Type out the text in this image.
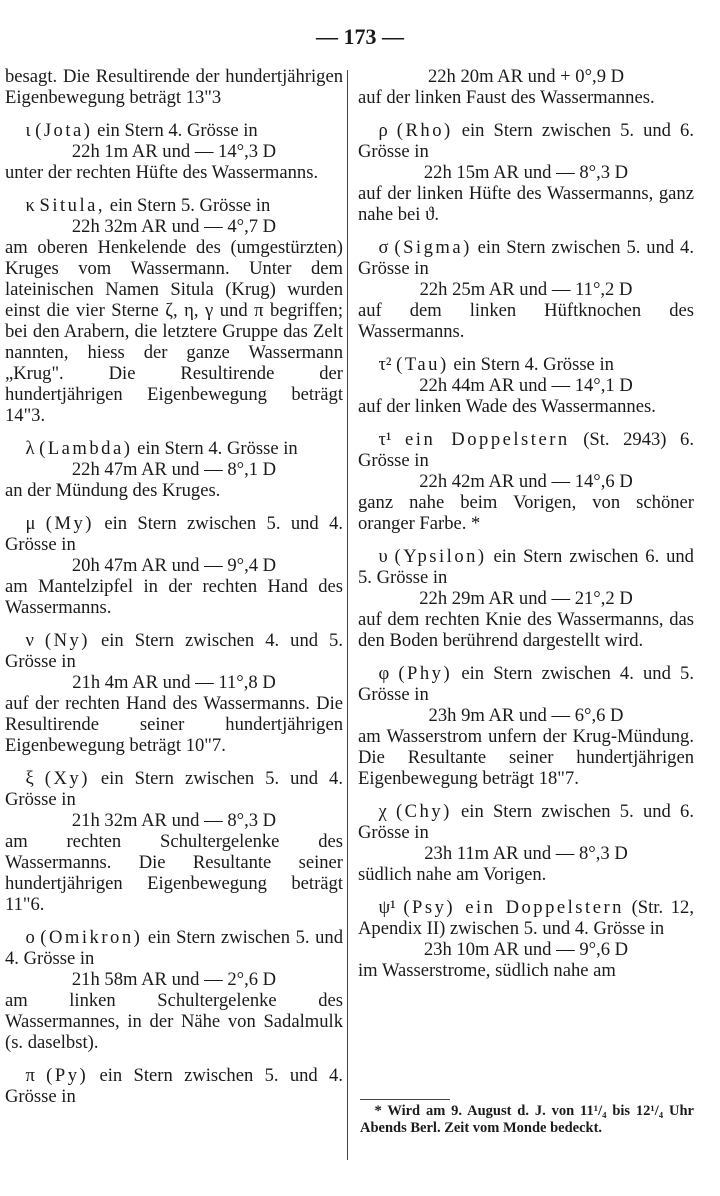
— 173 —

besagt. Die Resultirende der hundertjährigen Eigenbewegung beträgt 13"3

ι (Jota) ein Stern 4. Grösse in

22h 1m AR und — 14°,3 D

unter der rechten Hüfte des Wassermanns.

κ Situla, ein Stern 5. Grösse in

22h 32m AR und — 4°,7 D

am oberen Henkelende des (umgestürzten) Kruges vom Wassermann. Unter dem lateinischen Namen Situla (Krug) wurden einst die vier Sterne ζ, η, γ und π begriffen; bei den Arabern, die letztere Gruppe das Zelt nannten, hiess der ganze Wassermann „Krug". Die Resultirende der hundertjährigen Eigenbewegung beträgt 14"3.

λ (Lambda) ein Stern 4. Grösse in

22h 47m AR und — 8°,1 D

an der Mündung des Kruges.

μ (My) ein Stern zwischen 5. und 4. Grösse in

20h 47m AR und — 9°,4 D

am Mantelzipfel in der rechten Hand des Wassermanns.

ν (Ny) ein Stern zwischen 4. und 5. Grösse in

21h 4m AR und — 11°,8 D

auf der rechten Hand des Wassermanns. Die Resultirende seiner hundertjährigen Eigenbewegung beträgt 10"7.

ξ (Xy) ein Stern zwischen 5. und 4. Grösse in

21h 32m AR und — 8°,3 D

am rechten Schultergelenke des Wassermanns. Die Resultante seiner hundertjährigen Eigenbewegung beträgt 11"6.

ο (Omikron) ein Stern zwischen 5. und 4. Grösse in

21h 58m AR und — 2°,6 D

am linken Schultergelenke des Wassermannes, in der Nähe von Sadalmulk (s. daselbst).

π (Py) ein Stern zwischen 5. und 4. Grösse in

22h 20m AR und + 0°,9 D

auf der linken Faust des Wassermannes.

ρ (Rho) ein Stern zwischen 5. und 6. Grösse in

22h 15m AR und — 8°,3 D

auf der linken Hüfte des Wassermanns, ganz nahe bei ϑ.

σ (Sigma) ein Stern zwischen 5. und 4. Grösse in

22h 25m AR und — 11°,2 D

auf dem linken Hüftknochen des Wassermanns.

τ² (Tau) ein Stern 4. Grösse in

22h 44m AR und — 14°,1 D

auf der linken Wade des Wassermannes.

τ¹ ein Doppelstern (St. 2943) 6. Grösse in

22h 42m AR und — 14°,6 D

ganz nahe beim Vorigen, von schöner oranger Farbe. *

υ (Ypsilon) ein Stern zwischen 6. und 5. Grösse in

22h 29m AR und — 21°,2 D

auf dem rechten Knie des Wassermanns, das den Boden berührend dargestellt wird.

φ (Phy) ein Stern zwischen 4. und 5. Grösse in

23h 9m AR und — 6°,6 D

am Wasserstrom unfern der Krug-Mündung. Die Resultante seiner hundertjährigen Eigenbewegung beträgt 18"7.

χ (Chy) ein Stern zwischen 5. und 6. Grösse in

23h 11m AR und — 8°,3 D

südlich nahe am Vorigen.

ψ¹ (Psy) ein Doppelstern (Str. 12, Apendix II) zwischen 5. und 4. Grösse in

23h 10m AR und — 9°,6 D

im Wasserstrome, südlich nahe am

* Wird am 9. August d. J. von 11¹/₄ bis 12¹/₄ Uhr Abends Berl. Zeit vom Monde bedeckt.
